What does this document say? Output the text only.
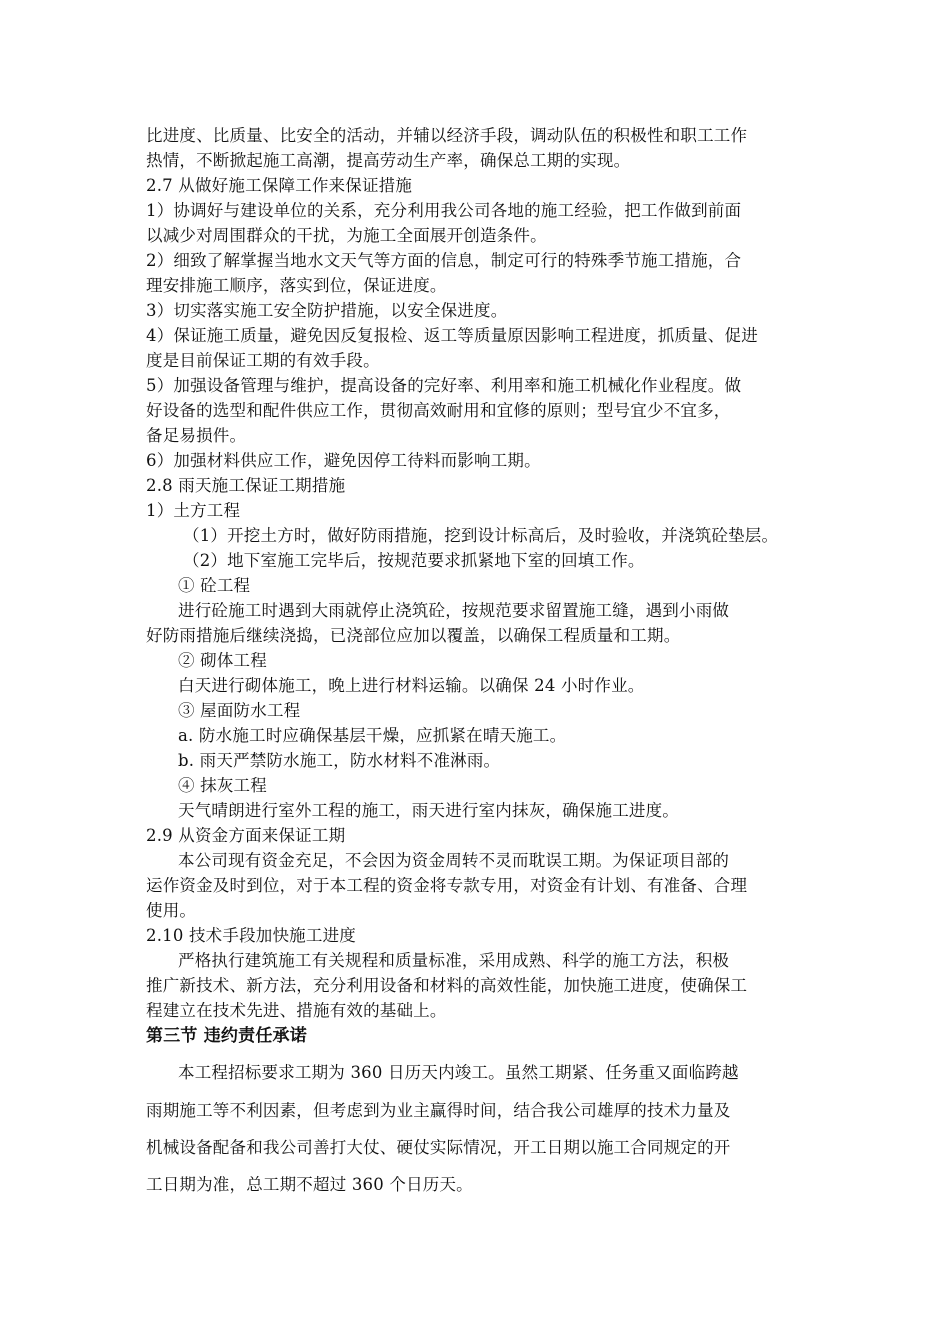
比进度、比质量、比安全的活动，并辅以经济手段，调动队伍的积极性和职工工作
热情，不断掀起施工高潮，提高劳动生产率，确保总工期的实现。
2.7 从做好施工保障工作来保证措施
1）协调好与建设单位的关系，充分利用我公司各地的施工经验，把工作做到前面
以减少对周围群众的干扰，为施工全面展开创造条件。
2）细致了解掌握当地水文天气等方面的信息，制定可行的特殊季节施工措施，合
理安排施工顺序，落实到位，保证进度。
3）切实落实施工安全防护措施，以安全保进度。
4）保证施工质量，避免因反复报检、返工等质量原因影响工程进度，抓质量、促进
度是目前保证工期的有效手段。
5）加强设备管理与维护，提高设备的完好率、利用率和施工机械化作业程度。做
好设备的选型和配件供应工作，贯彻高效耐用和宜修的原则；型号宜少不宜多，
备足易损件。
6）加强材料供应工作，避免因停工待料而影响工期。
2.8 雨天施工保证工期措施
1）土方工程
（1）开挖土方时，做好防雨措施，挖到设计标高后，及时验收，并浇筑砼垫层。
（2）地下室施工完毕后，按规范要求抓紧地下室的回填工作。
① 砼工程
进行砼施工时遇到大雨就停止浇筑砼，按规范要求留置施工缝，遇到小雨做
好防雨措施后继续浇捣，已浇部位应加以覆盖，以确保工程质量和工期。
② 砌体工程
白天进行砌体施工，晚上进行材料运输。以确保 24 小时作业。
③ 屋面防水工程
a. 防水施工时应确保基层干燥，应抓紧在晴天施工。
b. 雨天严禁防水施工，防水材料不准淋雨。
④ 抹灰工程
天气晴朗进行室外工程的施工，雨天进行室内抹灰，确保施工进度。
2.9 从资金方面来保证工期
本公司现有资金充足，不会因为资金周转不灵而耽误工期。为保证项目部的
运作资金及时到位，对于本工程的资金将专款专用，对资金有计划、有准备、合理
使用。
2.10 技术手段加快施工进度
严格执行建筑施工有关规程和质量标准，采用成熟、科学的施工方法，积极
推广新技术、新方法，充分利用设备和材料的高效性能，加快施工进度，使确保工
程建立在技术先进、措施有效的基础上。
第三节 违约责任承诺
本工程招标要求工期为 360 日历天内竣工。虽然工期紧、任务重又面临跨越
雨期施工等不利因素，但考虑到为业主赢得时间，结合我公司雄厚的技术力量及
机械设备配备和我公司善打大仗、硬仗实际情况，开工日期以施工合同规定的开
工日期为准，总工期不超过 360 个日历天。
